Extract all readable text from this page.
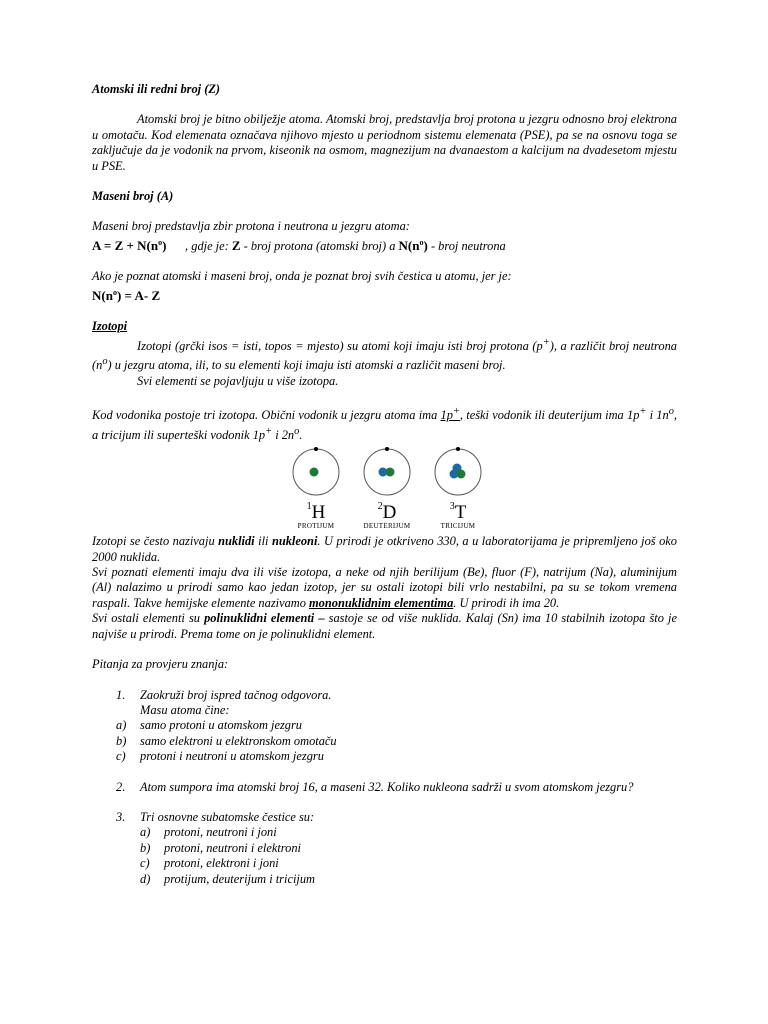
Atomski ili redni broj (Z)

Atomski broj je bitno obilježje atoma. Atomski broj, predstavlja broj protona u jezgru odnosno broj elektrona u omotaču. Kod elemenata označava njihovo mjesto u periodnom sistemu elemenata (PSE), pa se na osnovu toga se zaključuje da je vodonik na prvom, kiseonik na osmom, magnezijum na dvanaestom a kalcijum na dvadesetom mjestu u PSE.

Maseni broj (A)

Maseni broj predstavlja zbir protona i neutrona u jezgru atoma:

$A = Z + N(n^o)$ , gdje je: Z - broj protona (atomski broj) a $N(n^o)$ - broj neutrona

Ako je poznat atomski i maseni broj, onda je poznat broj svih čestica u atomu, jer je:

$N(n^o) = A-$ Z

Izotopi

Izotopi (grčki isos = isti, topos = mjesto) su atomi koji imaju isti broj protona (p+), a različit broj neutrona $(n^o)$ u jezgru atoma, ili, to su elementi koji imaju isti atomski a različit maseni broj.

Svi elementi se pojavljuju u više izotopa.

Kod vodonika postoje tri izotopa. Obični vodonik u jezgru atoma ima 1p+, teški vodonik ili deuterijum ima 1p+ i $1n^o$, a tricijum ili superteški vodonik 1p+ i $2n^o$.

$^1$H	$^2$D	$^3$T
PROTIJUM	DEUTERIJUM	TRICIJUM

Izotopi se često nazivaju nuklidi ili nukleoni. U prirodi je otkriveno 330, a u laboratorijama je pripremljeno još oko 2000 nuklida.

Svi poznati elementi imaju dva ili više izotopa, a neke od njih berilijum (Be), fluor (F), natrijum (Na), aluminijum (Al) nalazimo u prirodi samo kao jedan izotop, jer su ostali izotopi bili vrlo nestabilni, pa su se tokom vremena raspali. Takve hemijske elemente nazivamo mononuklidnim elementima. U prirodi ih ima 20.

Svi ostali elementi su polinuklidni elementi – sastoje se od više nuklida. Kalaj (Sn) ima 10 stabilnih izotopa što je najviše u prirodi. Prema tome on je polinuklidni element.

Pitanja za provjeru znanja:

1.	Zaokruži broj ispred tačnog odgovora.
Masu atoma čine:
a)	samo protoni u atomskom jezgru
b)	samo elektroni u elektronskom omotaču
c)	protoni i neutroni u atomskom jezgru
2.	Atom sumpora ima atomski broj 16, a maseni 32. Koliko nukleona sadrži u svom atomskom jezgru?
3.	Tri osnovne subatomske čestice su:
a)	protoni, neutroni i joni
b)	protoni, neutroni i elektroni
c)	protoni, elektroni i joni
d)	protijum, deuterijum i tricijum
